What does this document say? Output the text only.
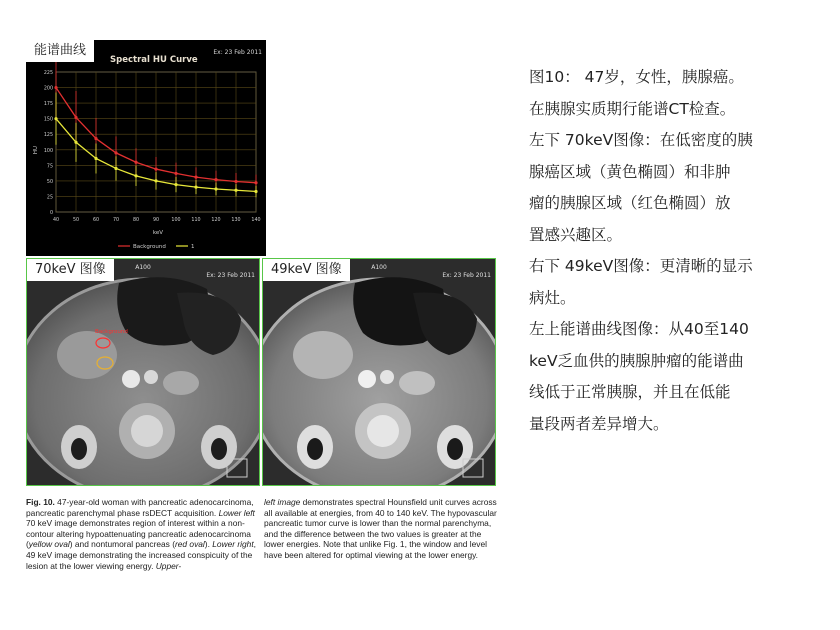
Spectral HU Curve
Ex: 23 Feb 2011
0
25
50
75
100
125
150
175
200
225
40	50	60	70	80	90	100 110 120 130 140
keV
HU
Background	1
能谱曲线
A100
Ex: 23 Feb 2011
Background
70keV 图像	A100
Ex: 23 Feb 2011
49keV 图像

Fig. 10. 47-year-old woman with pancreatic adenocarcinoma, pancreatic parenchymal phase rsDECT acquisition. Lower left 70 keV image demonstrates region of interest within a non-contour altering hypoattenuating pancreatic adenocarcinoma (yellow oval) and nontumoral pancreas (red oval). Lower right, 49 keV image demonstrating the increased conspicuity of the lesion at the lower viewing energy. Upper-

left image demonstrates spectral Hounsfield unit curves across all available at energies, from 40 to 140 keV. The hypovascular pancreatic tumor curve is lower than the normal parenchyma, and the difference between the two values is greater at the lower energies. Note that unlike Fig. 1, the window and level have been altered for optimal viewing at the lower energy.

图10： 47岁，女性，胰腺癌。
在胰腺实质期行能谱CT检查。
左下 70keV图像：在低密度的胰
腺癌区域（黄色椭圆）和非肿
瘤的胰腺区域（红色椭圆）放
置感兴趣区。
右下 49keV图像：更清晰的显示
病灶。
左上能谱曲线图像：从40至140
keV乏血供的胰腺肿瘤的能谱曲
线低于正常胰腺，并且在低能
量段两者差异增大。
